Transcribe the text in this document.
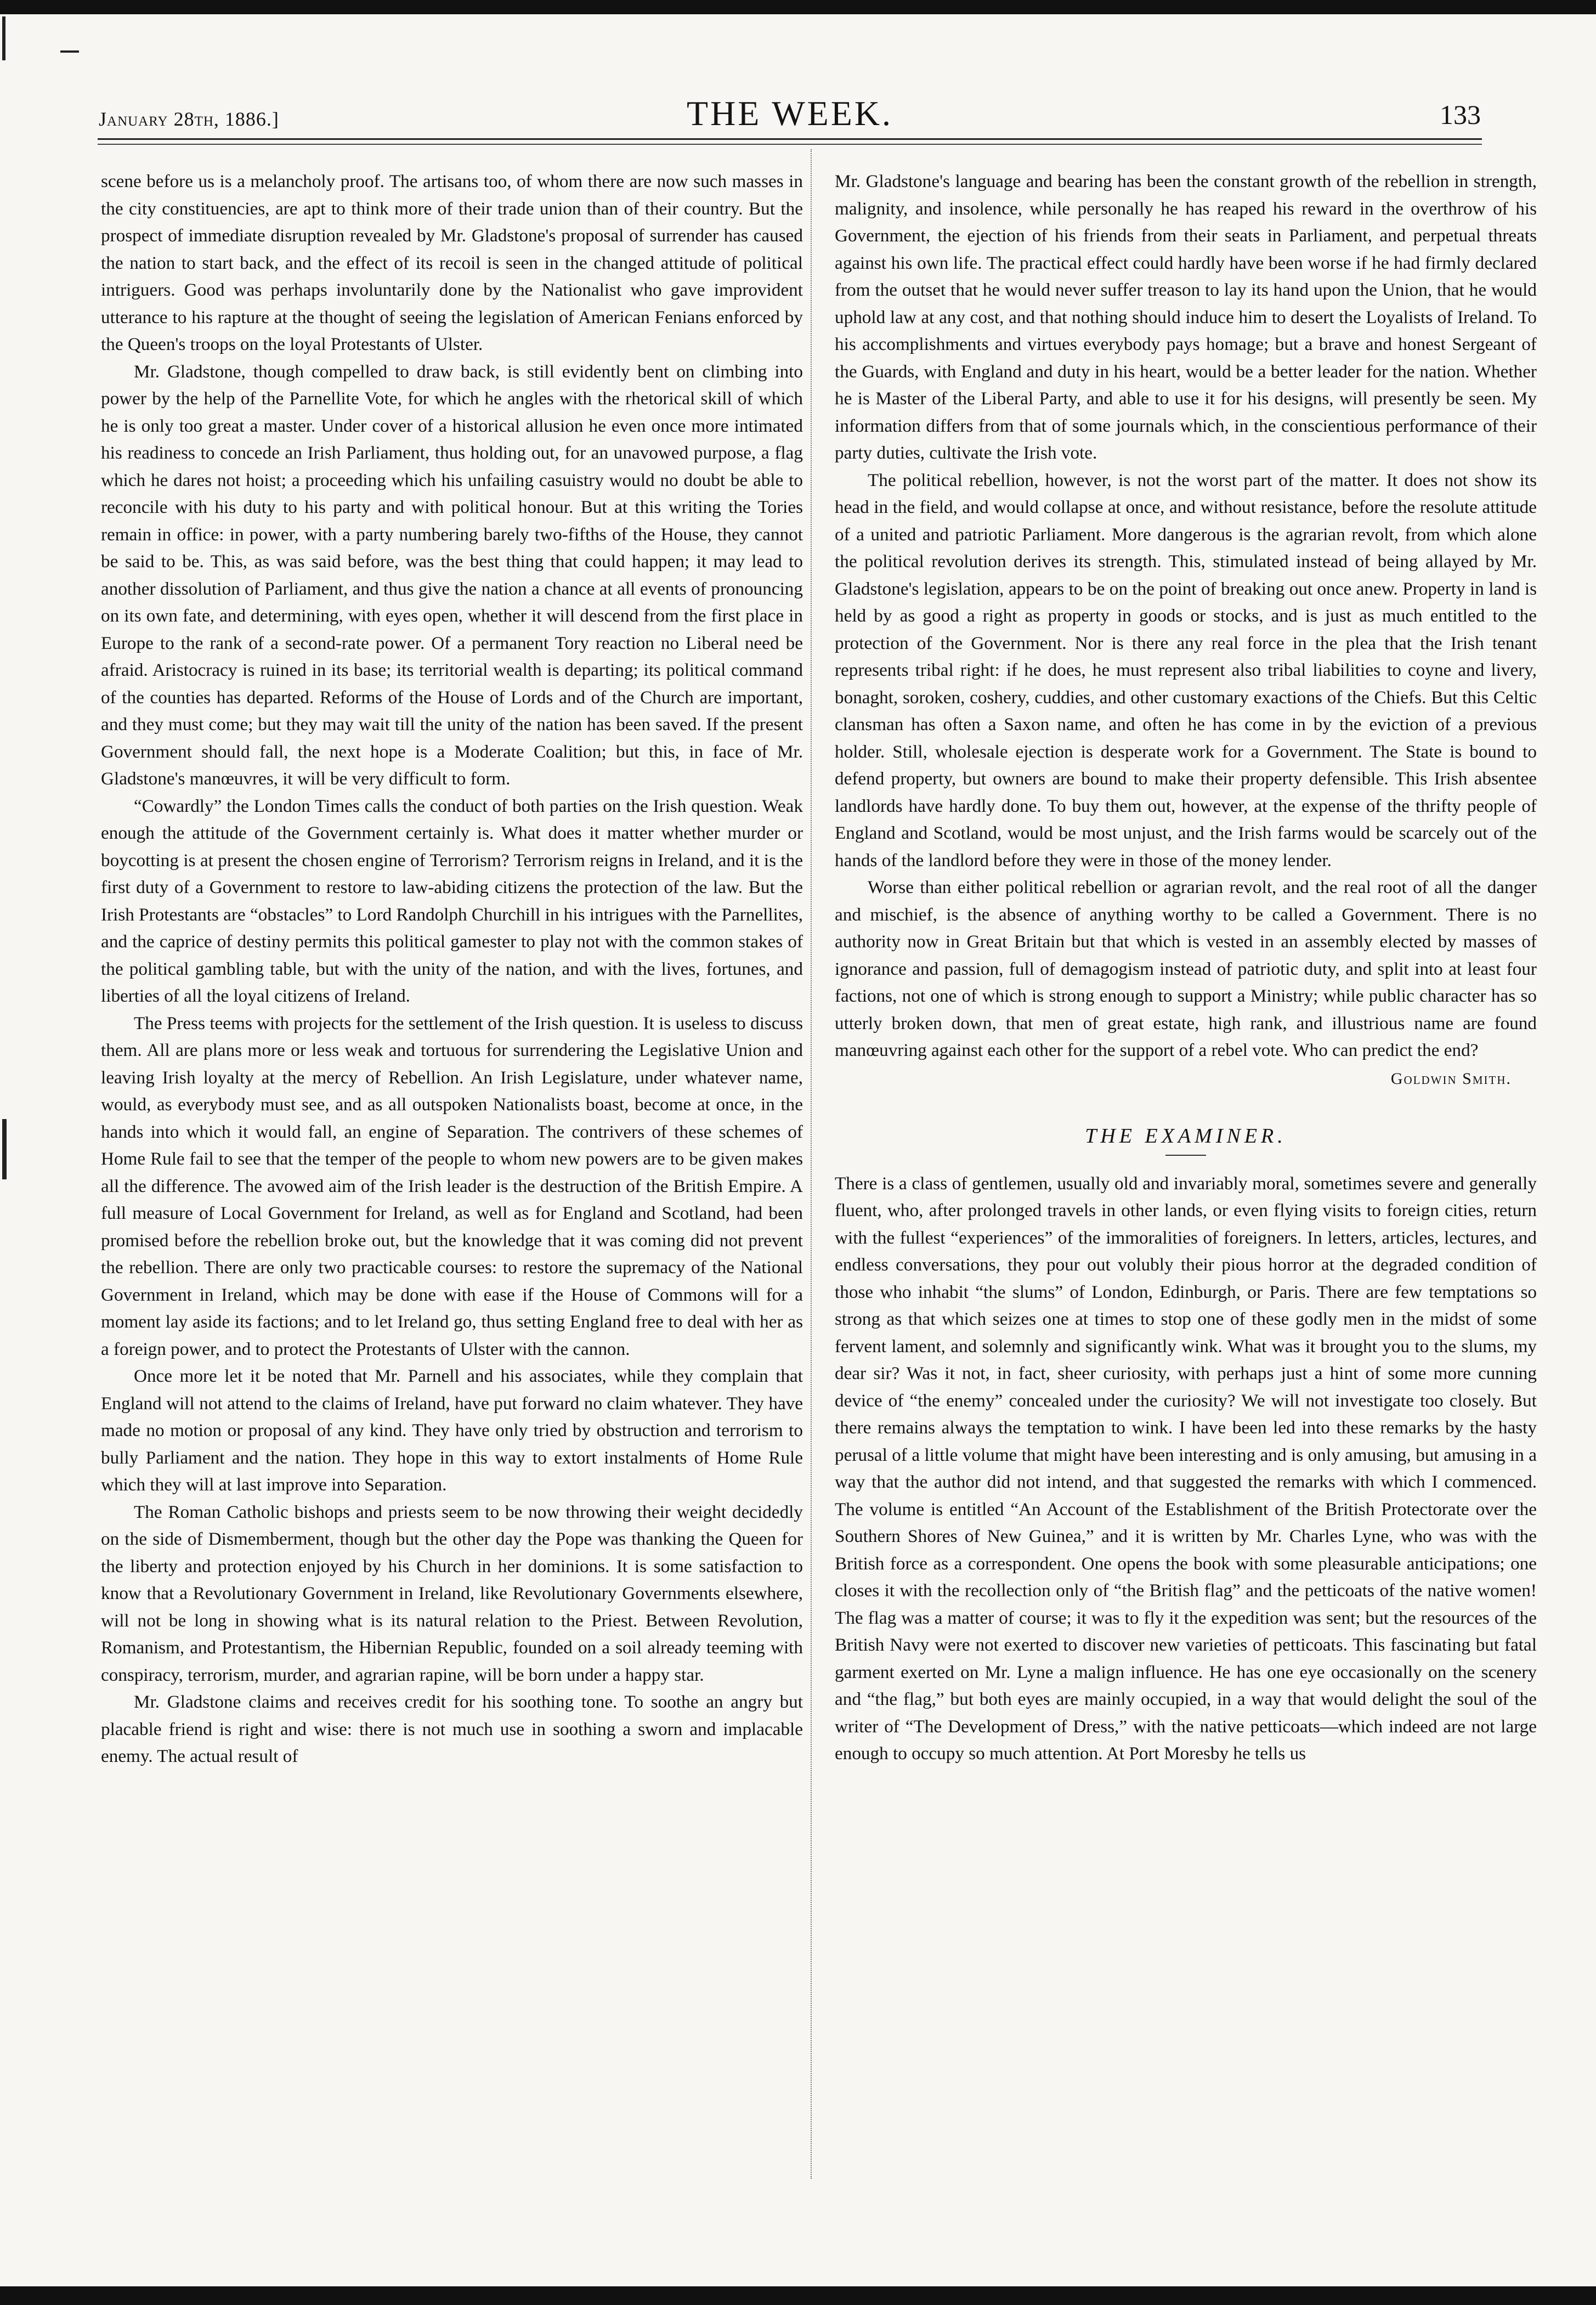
January 28th, 1886.]	THE WEEK.	133

scene before us is a melancholy proof. The artisans too, of whom there are now such masses in the city constituencies, are apt to think more of their trade union than of their country. But the prospect of immediate disruption revealed by Mr. Gladstone's proposal of surrender has caused the nation to start back, and the effect of its recoil is seen in the changed attitude of political intriguers. Good was perhaps involuntarily done by the Nationalist who gave improvident utterance to his rapture at the thought of seeing the legislation of American Fenians enforced by the Queen's troops on the loyal Protestants of Ulster.

Mr. Gladstone, though compelled to draw back, is still evidently bent on climbing into power by the help of the Parnellite Vote, for which he angles with the rhetorical skill of which he is only too great a master. Under cover of a historical allusion he even once more intimated his readiness to concede an Irish Parliament, thus holding out, for an unavowed purpose, a flag which he dares not hoist; a proceeding which his unfailing casuistry would no doubt be able to reconcile with his duty to his party and with political honour. But at this writing the Tories remain in office: in power, with a party numbering barely two-fifths of the House, they cannot be said to be. This, as was said before, was the best thing that could happen; it may lead to another dissolution of Parliament, and thus give the nation a chance at all events of pronouncing on its own fate, and determining, with eyes open, whether it will descend from the first place in Europe to the rank of a second-rate power. Of a permanent Tory reaction no Liberal need be afraid. Aristocracy is ruined in its base; its territorial wealth is departing; its political command of the counties has departed. Reforms of the House of Lords and of the Church are important, and they must come; but they may wait till the unity of the nation has been saved. If the present Government should fall, the next hope is a Moderate Coalition; but this, in face of Mr. Gladstone's manœuvres, it will be very difficult to form.

“Cowardly” the London Times calls the conduct of both parties on the Irish question. Weak enough the attitude of the Government certainly is. What does it matter whether murder or boycotting is at present the chosen engine of Terrorism? Terrorism reigns in Ireland, and it is the first duty of a Government to restore to law-abiding citizens the protection of the law. But the Irish Protestants are “obstacles” to Lord Randolph Churchill in his intrigues with the Parnellites, and the caprice of destiny permits this political gamester to play not with the common stakes of the political gambling table, but with the unity of the nation, and with the lives, fortunes, and liberties of all the loyal citizens of Ireland.

The Press teems with projects for the settlement of the Irish question. It is useless to discuss them. All are plans more or less weak and tortuous for surrendering the Legislative Union and leaving Irish loyalty at the mercy of Rebellion. An Irish Legislature, under whatever name, would, as everybody must see, and as all outspoken Nationalists boast, become at once, in the hands into which it would fall, an engine of Separation. The contrivers of these schemes of Home Rule fail to see that the temper of the people to whom new powers are to be given makes all the difference. The avowed aim of the Irish leader is the destruction of the British Empire. A full measure of Local Government for Ireland, as well as for England and Scotland, had been promised before the rebellion broke out, but the knowledge that it was coming did not prevent the rebellion. There are only two practicable courses: to restore the supremacy of the National Government in Ireland, which may be done with ease if the House of Commons will for a moment lay aside its factions; and to let Ireland go, thus setting England free to deal with her as a foreign power, and to protect the Protestants of Ulster with the cannon.

Once more let it be noted that Mr. Parnell and his associates, while they complain that England will not attend to the claims of Ireland, have put forward no claim whatever. They have made no motion or proposal of any kind. They have only tried by obstruction and terrorism to bully Parliament and the nation. They hope in this way to extort instalments of Home Rule which they will at last improve into Separation.

The Roman Catholic bishops and priests seem to be now throwing their weight decidedly on the side of Dismemberment, though but the other day the Pope was thanking the Queen for the liberty and protection enjoyed by his Church in her dominions. It is some satisfaction to know that a Revolutionary Government in Ireland, like Revolutionary Governments elsewhere, will not be long in showing what is its natural relation to the Priest. Between Revolution, Romanism, and Protestantism, the Hibernian Republic, founded on a soil already teeming with conspiracy, terrorism, murder, and agrarian rapine, will be born under a happy star.

Mr. Gladstone claims and receives credit for his soothing tone. To soothe an angry but placable friend is right and wise: there is not much use in soothing a sworn and implacable enemy. The actual result of

Mr. Gladstone's language and bearing has been the constant growth of the rebellion in strength, malignity, and insolence, while personally he has reaped his reward in the overthrow of his Government, the ejection of his friends from their seats in Parliament, and perpetual threats against his own life. The practical effect could hardly have been worse if he had firmly declared from the outset that he would never suffer treason to lay its hand upon the Union, that he would uphold law at any cost, and that nothing should induce him to desert the Loyalists of Ireland. To his accomplishments and virtues everybody pays homage; but a brave and honest Sergeant of the Guards, with England and duty in his heart, would be a better leader for the nation. Whether he is Master of the Liberal Party, and able to use it for his designs, will presently be seen. My information differs from that of some journals which, in the conscientious performance of their party duties, cultivate the Irish vote.

The political rebellion, however, is not the worst part of the matter. It does not show its head in the field, and would collapse at once, and without resistance, before the resolute attitude of a united and patriotic Parliament. More dangerous is the agrarian revolt, from which alone the political revolution derives its strength. This, stimulated instead of being allayed by Mr. Gladstone's legislation, appears to be on the point of breaking out once anew. Property in land is held by as good a right as property in goods or stocks, and is just as much entitled to the protection of the Government. Nor is there any real force in the plea that the Irish tenant represents tribal right: if he does, he must represent also tribal liabilities to coyne and livery, bonaght, soroken, coshery, cuddies, and other customary exactions of the Chiefs. But this Celtic clansman has often a Saxon name, and often he has come in by the eviction of a previous holder. Still, wholesale ejection is desperate work for a Government. The State is bound to defend property, but owners are bound to make their property defensible. This Irish absentee landlords have hardly done. To buy them out, however, at the expense of the thrifty people of England and Scotland, would be most unjust, and the Irish farms would be scarcely out of the hands of the landlord before they were in those of the money lender.

Worse than either political rebellion or agrarian revolt, and the real root of all the danger and mischief, is the absence of anything worthy to be called a Government. There is no authority now in Great Britain but that which is vested in an assembly elected by masses of ignorance and passion, full of demagogism instead of patriotic duty, and split into at least four factions, not one of which is strong enough to support a Ministry; while public character has so utterly broken down, that men of great estate, high rank, and illustrious name are found manœuvring against each other for the support of a rebel vote. Who can predict the end?

Goldwin Smith.
THE EXAMINER.

There is a class of gentlemen, usually old and invariably moral, sometimes severe and generally fluent, who, after prolonged travels in other lands, or even flying visits to foreign cities, return with the fullest “experiences” of the immoralities of foreigners. In letters, articles, lectures, and endless conversations, they pour out volubly their pious horror at the degraded condition of those who inhabit “the slums” of London, Edinburgh, or Paris. There are few temptations so strong as that which seizes one at times to stop one of these godly men in the midst of some fervent lament, and solemnly and significantly wink. What was it brought you to the slums, my dear sir? Was it not, in fact, sheer curiosity, with perhaps just a hint of some more cunning device of “the enemy” concealed under the curiosity? We will not investigate too closely. But there remains always the temptation to wink. I have been led into these remarks by the hasty perusal of a little volume that might have been interesting and is only amusing, but amusing in a way that the author did not intend, and that suggested the remarks with which I commenced. The volume is entitled “An Account of the Establishment of the British Protectorate over the Southern Shores of New Guinea,” and it is written by Mr. Charles Lyne, who was with the British force as a correspondent. One opens the book with some pleasurable anticipations; one closes it with the recollection only of “the British flag” and the petticoats of the native women! The flag was a matter of course; it was to fly it the expedition was sent; but the resources of the British Navy were not exerted to discover new varieties of petticoats. This fascinating but fatal garment exerted on Mr. Lyne a malign influence. He has one eye occasionally on the scenery and “the flag,” but both eyes are mainly occupied, in a way that would delight the soul of the writer of “The Development of Dress,” with the native petticoats—which indeed are not large enough to occupy so much attention. At Port Moresby he tells us
